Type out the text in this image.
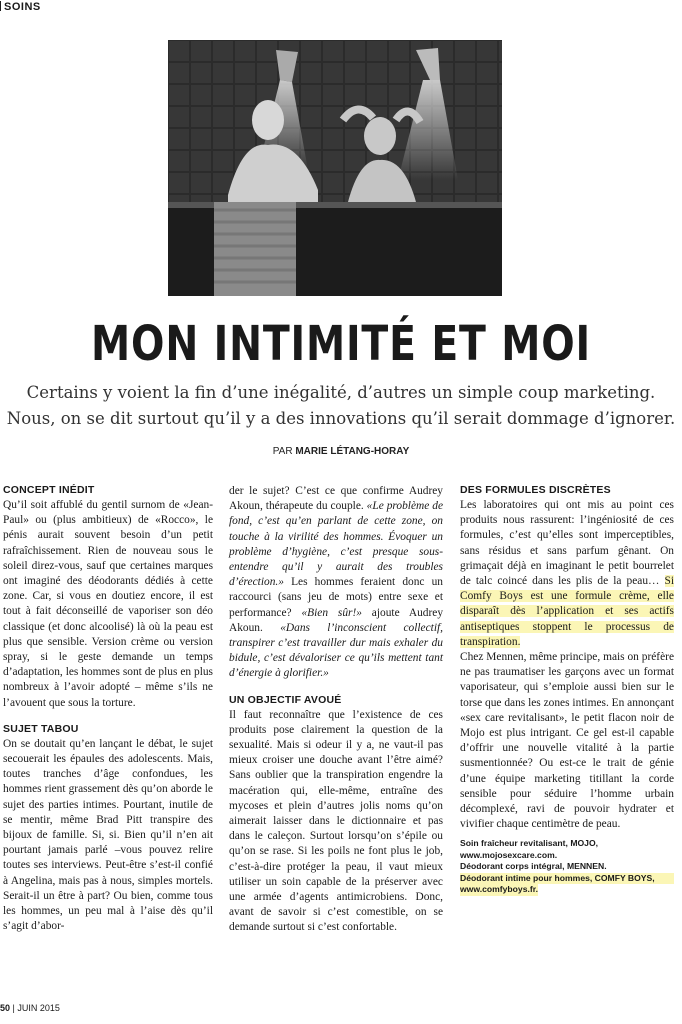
SOINS
MON INTIMITÉ ET MOI
Certains y voient la fin d’une inégalité, d’autres un simple coup marketing.
Nous, on se dit surtout qu’il y a des innovations qu’il serait dommage d’ignorer.
PAR MARIE LÉTANG-HORAY
CONCEPT INÉDIT

Qu’il soit affublé du gentil surnom de «Jean-Paul» ou (plus ambitieux) de «Rocco», le pénis aurait souvent besoin d’un petit rafraîchissement. Rien de nouveau sous le soleil direz-vous, sauf que certaines marques ont imaginé des déodorants dédiés à cette zone. Car, si vous en doutiez encore, il est tout à fait déconseillé de vaporiser son déo classique (et donc alcoolisé) là où la peau est plus que sensible. Version crème ou version spray, si le geste demande un temps d’adaptation, les hommes sont de plus en plus nombreux à l’avoir adopté – même s’ils ne l’avouent que sous la torture.

SUJET TABOU

On se doutait qu’en lançant le débat, le sujet secouerait les épaules des adolescents. Mais, toutes tranches d’âge confondues, les hommes rient grassement dès qu’on aborde le sujet des parties intimes. Pourtant, inutile de se mentir, même Brad Pitt transpire des bijoux de famille. Si, si. Bien qu’il n’en ait pourtant jamais parlé –vous pouvez relire toutes ses interviews. Peut-être s’est-il confié à Angelina, mais pas à nous, simples mortels. Serait-il un être à part? Ou bien, comme tous les hommes, un peu mal à l’aise dès qu’il s’agit d’abor-

der le sujet? C’est ce que confirme Audrey Akoun, thérapeute du couple. «Le problème de fond, c’est qu’en parlant de cette zone, on touche à la virilité des hommes. Évoquer un problème d’hygiène, c’est presque sous-entendre qu’il y aurait des troubles d’érection.» Les hommes feraient donc un raccourci (sans jeu de mots) entre sexe et performance? «Bien sûr!» ajoute Audrey Akoun. «Dans l’inconscient collectif, transpirer c’est travailler dur mais exhaler du bidule, c’est dévaloriser ce qu’ils mettent tant d’énergie à glorifier.»

UN OBJECTIF AVOUÉ

Il faut reconnaître que l’existence de ces produits pose clairement la question de la sexualité. Mais si odeur il y a, ne vaut-il pas mieux croiser une douche avant l’être aimé? Sans oublier que la transpiration engendre la macération qui, elle-même, entraîne des mycoses et plein d’autres jolis noms qu’on aimerait laisser dans le dictionnaire et pas dans le caleçon. Surtout lorsqu’on s’épile ou qu’on se rase. Si les poils ne font plus le job, c’est-à-dire protéger la peau, il vaut mieux utiliser un soin capable de la préserver avec une armée d’agents antimicrobiens. Donc, avant de savoir si c’est comestible, on se demande surtout si c’est confortable.

DES FORMULES DISCRÈTES

Les laboratoires qui ont mis au point ces produits nous rassurent: l’ingéniosité de ces formules, c’est qu’elles sont imperceptibles, sans résidus et sans parfum gênant. On grimaçait déjà en imaginant le petit bourrelet de talc coincé dans les plis de la peau… Si Comfy Boys est une formule crème, elle disparaît dès l’application et ses actifs antiseptiques stoppent le processus de transpiration.

Chez Mennen, même principe, mais on préfère ne pas traumatiser les garçons avec un format vaporisateur, qui s’emploie aussi bien sur le torse que dans les zones intimes. En annonçant «sex care revitalisant», le petit flacon noir de Mojo est plus intrigant. Ce gel est-il capable d’offrir une nouvelle vitalité à la partie susmentionnée? Ou est-ce le trait de génie d’une équipe marketing titillant la corde sensible pour séduire l’homme urbain décomplexé, ravi de pouvoir hydrater et vivifier chaque centimètre de peau.

Soin fraîcheur revitalisant, MOJO,
www.mojosexcare.com.
Déodorant corps intégral, MENNEN.
Déodorant intime pour hommes, COMFY BOYS,
www.comfyboys.fr.
50 | JUIN 2015
